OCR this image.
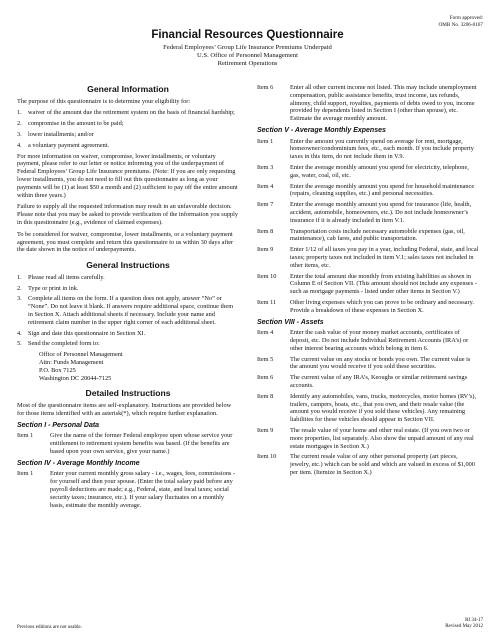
Form approved:
OMB No. 3206-0167
Financial Resources Questionnaire
Federal Employees’ Group Life Insurance Premiums Underpaid
U.S. Office of Personnel Management
Retirement Operations
General Information

The purpose of this questionnaire is to determine your eligibility for:

1. waiver of the amount due the retirement system on the basis of financial hardship;
2. compromise in the amount to be paid;
3. lower installments; and/or
4. a voluntary payment agreement.

For more information on waiver, compromise, lower installments, or voluntary payment, please refer to our letter or notice informing you of the underpayment of Federal Employees’ Group Life Insurance premiums. (Note: If you are only requesting lower installments, you do not need to fill out this questionnaire as long as your payments will be (1) at least $50 a month and (2) sufficient to pay off the entire amount within three years.)

Failure to supply all the requested information may result in an unfavorable decision. Please note that you may be asked to provide verification of the information you supply in this questionnaire (e.g., evidence of claimed expenses).

To be considered for waiver, compromise, lower installments, or a voluntary payment agreement, you must complete and return this questionnaire to us within 30 days after the date shown in the notice of underpayments.

General Instructions
1. Please read all items carefully.
2. Type or print in ink.
3. Complete all items on the form. If a question does not apply, answer “No” or “None”. Do not leave it blank. If answers require additional space, continue them in Section X. Attach additional sheets if necessary. Include your name and retirement claim number in the upper right corner of each additional sheet.
4. Sign and date this questionnaire in Section XI.
5. Send the completed form to:
Office of Personnel Management
Attn: Funds Management
P.O. Box 7125
Washington DC 20044-7125
Detailed Instructions

Most of the questionnaire items are self-explanatory. Instructions are provided below for those items identified with an asterisk(*), which require further explanation.

Section I - Personal Data
Item 1	Give the name of the former Federal employee upon whose service your entitlement to retirement system benefits was based. (If the benefits are based upon your own service, give your name.)
Section IV - Average Monthly Income
Item 1	Enter your current monthly gross salary - i.e., wages, fees, commissions - for yourself and then your spouse. (Enter the total salary paid before any payroll deductions are made; e.g., Federal, state, and local taxes; social security taxes; insurance, etc.). If your salary fluctuates on a monthly basis, estimate the monthly average.
Item 6	Enter all other current income not listed. This may include unemployment compensation, public assistance benefits, trust income, tax refunds, alimony, child support, royalties, payments of debts owed to you, income provided by dependents listed in Section I (other than spouse), etc. Estimate the average monthly amount.
Section V - Average Monthly Expenses
Item 1	Enter the amount you currently spend on average for rent, mortgage, homeowner/condominium fees, etc., each month. If you include property taxes in this item, do not include them in V.9.
Item 3	Enter the average monthly amount you spend for electricity, telephone, gas, water, coal, oil, etc.
Item 4	Enter the average monthly amount you spend for household maintenance (repairs, cleaning supplies, etc.) and personal necessities.
Item 7	Enter the average monthly amount you spend for insurance (life, health, accident, automobile, homeowners, etc.). Do not include homeowner’s insurance if it is already included in item V.1.
Item 8	Transportation costs include necessary automobile expenses (gas, oil, maintenance), cab fares, and public transportation.
Item 9	Enter 1/12 of all taxes you pay in a year, including Federal, state, and local taxes; property taxes not included in item V.1; sales taxes not included in other items, etc.
Item 10	Enter the total amount due monthly from existing liabilities as shown in Column E of Section VII. (This amount should not include any expenses - such as mortgage payments - listed under other items in Section V.)
Item 11	Other living expenses which you can prove to be ordinary and necessary. Provide a breakdown of these expenses in Section X.
Section VIII - Assets
Item 4	Enter the cash value of your money market accounts, certificates of deposit, etc. Do not include Individual Retirement Accounts (IRA’s) or other interest bearing accounts which belong in item 6.
Item 5	The current value on any stocks or bonds you own. The current value is the amount you would receive if you sold these securities.
Item 6	The current value of any IRA’s, Keoughs or similar retirement savings accounts.
Item 8	Identify any automobiles, vans, trucks, motorcycles, motor homes (RV’s), trailers, campers, boats, etc., that you own, and their resale value (the amount you would receive if you sold these vehicles). Any remaining liabilities for these vehicles should appear in Section VII.
Item 9	The resale value of your home and other real estate. (If you own two or more properties, list separately. Also show the unpaid amount of any real estate mortgages in Section X.)
Item 10	The current resale value of any other personal property (art pieces, jewelry, etc.) which can be sold and which are valued in excess of $1,000 per item. (Itemize in Section X.)
Previous editions are not usable.
RI 34-17
Revised May 2012
